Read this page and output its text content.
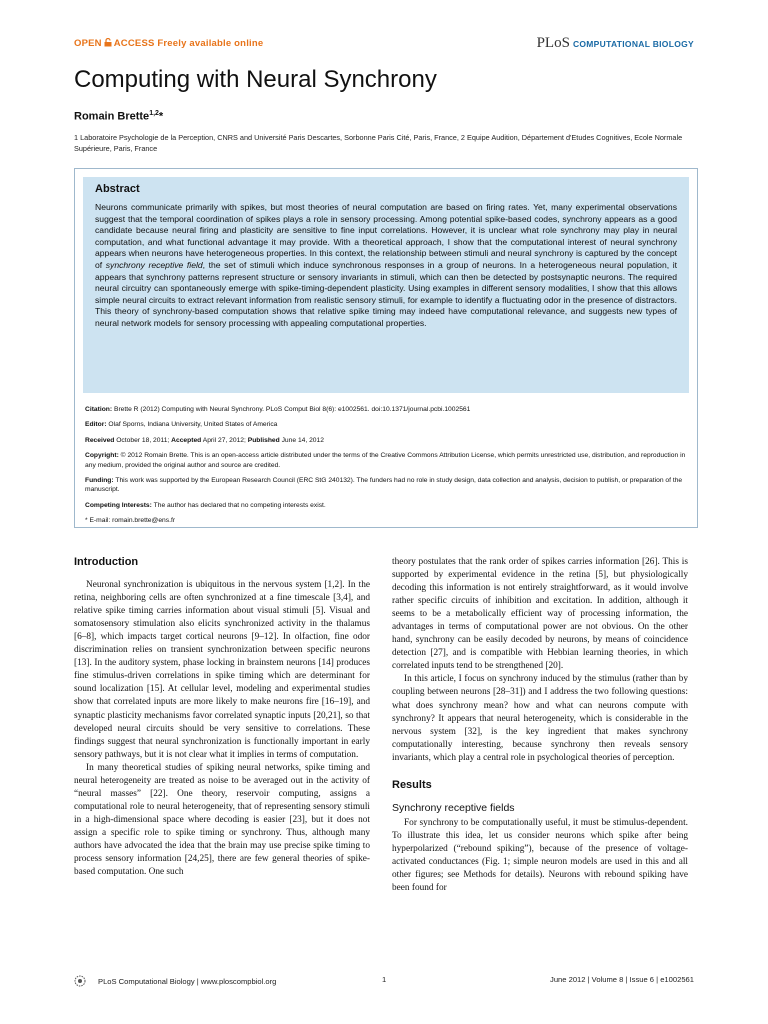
OPEN ACCESS Freely available online	PLoS COMPUTATIONAL BIOLOGY
Computing with Neural Synchrony
Romain Brette$^{1,2}$*
1 Laboratoire Psychologie de la Perception, CNRS and Université Paris Descartes, Sorbonne Paris Cité, Paris, France, 2 Equipe Audition, Département d'Etudes Cognitives, Ecole Normale Supérieure, Paris, France
Abstract
Neurons communicate primarily with spikes, but most theories of neural computation are based on firing rates. Yet, many experimental observations suggest that the temporal coordination of spikes plays a role in sensory processing. Among potential spike-based codes, synchrony appears as a good candidate because neural firing and plasticity are sensitive to fine input correlations. However, it is unclear what role synchrony may play in neural computation, and what functional advantage it may provide. With a theoretical approach, I show that the computational interest of neural synchrony appears when neurons have heterogeneous properties. In this context, the relationship between stimuli and neural synchrony is captured by the concept of synchrony receptive field, the set of stimuli which induce synchronous responses in a group of neurons. In a heterogeneous neural population, it appears that synchrony patterns represent structure or sensory invariants in stimuli, which can then be detected by postsynaptic neurons. The required neural circuitry can spontaneously emerge with spike-timing-dependent plasticity. Using examples in different sensory modalities, I show that this allows simple neural circuits to extract relevant information from realistic sensory stimuli, for example to identify a fluctuating odor in the presence of distractors. This theory of synchrony-based computation shows that relative spike timing may indeed have computational relevance, and suggests new types of neural network models for sensory processing with appealing computational properties.
Citation: Brette R (2012) Computing with Neural Synchrony. PLoS Comput Biol 8(6): e1002561. doi:10.1371/journal.pcbi.1002561
Editor: Olaf Sporns, Indiana University, United States of America
Received October 18, 2011; Accepted April 27, 2012; Published June 14, 2012
Copyright: © 2012 Romain Brette. This is an open-access article distributed under the terms of the Creative Commons Attribution License, which permits unrestricted use, distribution, and reproduction in any medium, provided the original author and source are credited.
Funding: This work was supported by the European Research Council (ERC StG 240132). The funders had no role in study design, data collection and analysis, decision to publish, or preparation of the manuscript.
Competing Interests: The author has declared that no competing interests exist.
* E-mail: romain.brette@ens.fr
Introduction

Neuronal synchronization is ubiquitous in the nervous system [1,2]. In the retina, neighboring cells are often synchronized at a fine timescale [3,4], and relative spike timing carries information about visual stimuli [5]. Visual and somatosensory stimulation also elicits synchronized activity in the thalamus [6–8], which impacts target cortical neurons [9–12]. In olfaction, fine odor discrimination relies on transient synchronization between specific neurons [13]. In the auditory system, phase locking in brainstem neurons [14] produces fine stimulus-driven correlations in spike timing which are determinant for sound localization [15]. At cellular level, modeling and experimental studies show that correlated inputs are more likely to make neurons fire [16–19], and synaptic plasticity mechanisms favor correlated synaptic inputs [20,21], so that developed neural circuits should be very sensitive to correlations. These findings suggest that neural synchronization is functionally important in early sensory pathways, but it is not clear what it implies in terms of computation.

In many theoretical studies of spiking neural networks, spike timing and neural heterogeneity are treated as noise to be averaged out in the activity of “neural masses” [22]. One theory, reservoir computing, assigns a computational role to neural heterogeneity, that of representing sensory stimuli in a high-dimensional space where decoding is easier [23], but it does not assign a specific role to spike timing or synchrony. Thus, although many authors have advocated the idea that the brain may use precise spike timing to process sensory information [24,25], there are few general theories of spike-based computation. One such

theory postulates that the rank order of spikes carries information [26]. This is supported by experimental evidence in the retina [5], but physiologically decoding this information is not entirely straightforward, as it would involve rather specific circuits of inhibition and excitation. In addition, although it seems to be a metabolically efficient way of processing information, the advantages in terms of computational power are not obvious. On the other hand, synchrony can be easily decoded by neurons, by means of coincidence detection [27], and is compatible with Hebbian learning theories, in which correlated inputs tend to be strengthened [20].

In this article, I focus on synchrony induced by the stimulus (rather than by coupling between neurons [28–31]) and I address the two following questions: what does synchrony mean? how and what can neurons compute with synchrony? It appears that neural heterogeneity, which is considerable in the nervous system [32], is the key ingredient that makes synchrony computationally interesting, because synchrony then reveals sensory invariants, which play a central role in psychological theories of perception.

Results
Synchrony receptive fields

For synchrony to be computationally useful, it must be stimulus-dependent. To illustrate this idea, let us consider neurons which spike after being hyperpolarized (“rebound spiking”), because of the presence of voltage-activated conductances (Fig. 1; simple neuron models are used in this and all other figures; see Methods for details). Neurons with rebound spiking have been found for

PLoS Computational Biology | www.ploscompbiol.org	1	June 2012 | Volume 8 | Issue 6 | e1002561
